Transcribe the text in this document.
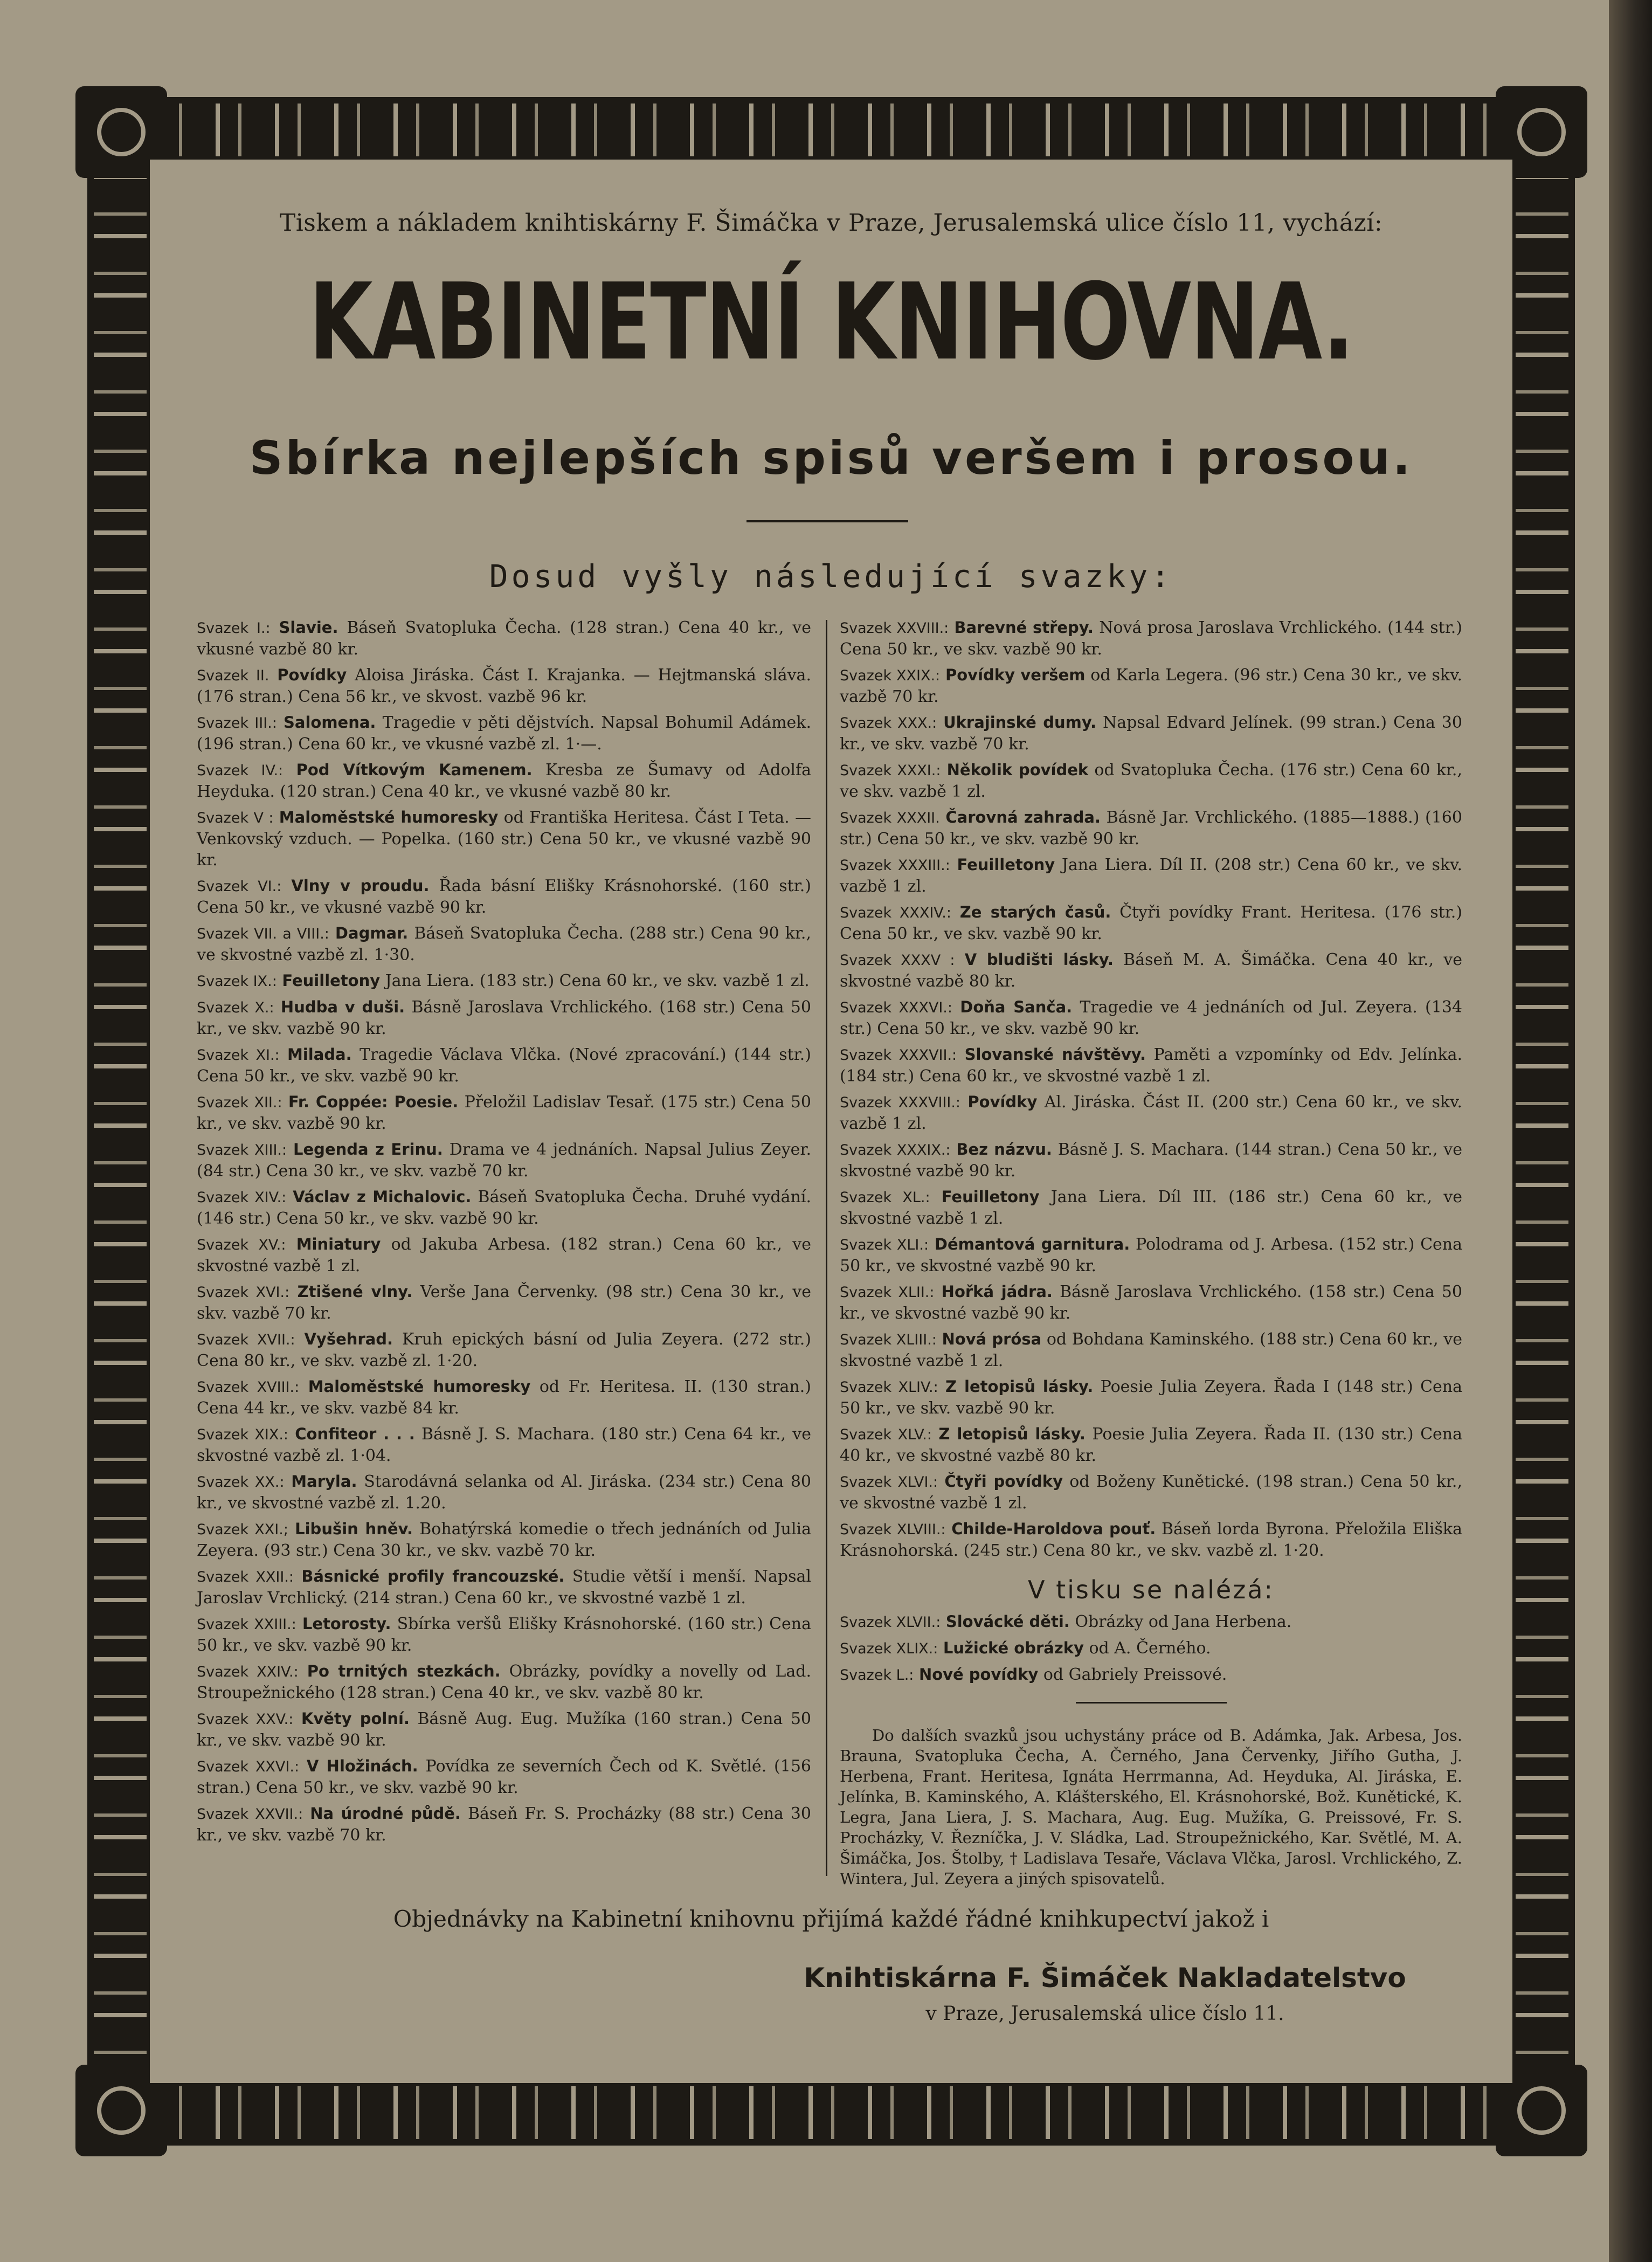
Tiskem a nákladem knihtiskárny F. Šimáčka v Praze, Jerusalemská ulice číslo 11, vychází:
KABINETNÍ KNIHOVNA.
Sbírka nejlepších spisů veršem i prosou.
Dosud vyšly následující svazky:
Svazek I.: Slavie. Báseň Svatopluka Čecha. (128 stran.) Cena 40 kr., ve vkusné vazbě 80 kr.
Svazek II. Povídky Aloisa Jiráska. Část I. Krajanka. — Hejtmanská sláva. (176 stran.) Cena 56 kr., ve skvost. vazbě 96 kr.
Svazek III.: Salomena. Tragedie v pěti dějstvích. Napsal Bohumil Adámek. (196 stran.) Cena 60 kr., ve vkusné vazbě zl. 1·—.
Svazek IV.: Pod Vítkovým Kamenem. Kresba ze Šumavy od Adolfa Heyduka. (120 stran.) Cena 40 kr., ve vkusné vazbě 80 kr.
Svazek V : Maloměstské humoresky od Františka Heritesa. Část I Teta. — Venkovský vzduch. — Popelka. (160 str.) Cena 50 kr., ve vkusné vazbě 90 kr.
Svazek VI.: Vlny v proudu. Řada básní Elišky Krásnohorské. (160 str.) Cena 50 kr., ve vkusné vazbě 90 kr.
Svazek VII. a VIII.: Dagmar. Báseň Svatopluka Čecha. (288 str.) Cena 90 kr., ve skvostné vazbě zl. 1·30.
Svazek IX.: Feuilletony Jana Liera. (183 str.) Cena 60 kr., ve skv. vazbě 1 zl.
Svazek X.: Hudba v duši. Básně Jaroslava Vrchlického. (168 str.) Cena 50 kr., ve skv. vazbě 90 kr.
Svazek XI.: Milada. Tragedie Václava Vlčka. (Nové zpracování.) (144 str.) Cena 50 kr., ve skv. vazbě 90 kr.
Svazek XII.: Fr. Coppée: Poesie. Přeložil Ladislav Tesař. (175 str.) Cena 50 kr., ve skv. vazbě 90 kr.
Svazek XIII.: Legenda z Erinu. Drama ve 4 jednáních. Napsal Julius Zeyer. (84 str.) Cena 30 kr., ve skv. vazbě 70 kr.
Svazek XIV.: Václav z Michalovic. Báseň Svatopluka Čecha. Druhé vydání. (146 str.) Cena 50 kr., ve skv. vazbě 90 kr.
Svazek XV.: Miniatury od Jakuba Arbesa. (182 stran.) Cena 60 kr., ve skvostné vazbě 1 zl.
Svazek XVI.: Ztišené vlny. Verše Jana Červenky. (98 str.) Cena 30 kr., ve skv. vazbě 70 kr.
Svazek XVII.: Vyšehrad. Kruh epických básní od Julia Zeyera. (272 str.) Cena 80 kr., ve skv. vazbě zl. 1·20.
Svazek XVIII.: Maloměstské humoresky od Fr. Heritesa. II. (130 stran.) Cena 44 kr., ve skv. vazbě 84 kr.
Svazek XIX.: Confiteor . . . Básně J. S. Machara. (180 str.) Cena 64 kr., ve skvostné vazbě zl. 1·04.
Svazek XX.: Maryla. Starodávná selanka od Al. Jiráska. (234 str.) Cena 80 kr., ve skvostné vazbě zl. 1.20.
Svazek XXI.; Libušin hněv. Bohatýrská komedie o třech jednáních od Julia Zeyera. (93 str.) Cena 30 kr., ve skv. vazbě 70 kr.
Svazek XXII.: Básnické profily francouzské. Studie větší i menší. Napsal Jaroslav Vrchlický. (214 stran.) Cena 60 kr., ve skvostné vazbě 1 zl.
Svazek XXIII.: Letorosty. Sbírka veršů Elišky Krásnohorské. (160 str.) Cena 50 kr., ve skv. vazbě 90 kr.
Svazek XXIV.: Po trnitých stezkách. Obrázky, povídky a novelly od Lad. Stroupežnického (128 stran.) Cena 40 kr., ve skv. vazbě 80 kr.
Svazek XXV.: Květy polní. Básně Aug. Eug. Mužíka (160 stran.) Cena 50 kr., ve skv. vazbě 90 kr.
Svazek XXVI.: V Hložinách. Povídka ze severních Čech od K. Světlé. (156 stran.) Cena 50 kr., ve skv. vazbě 90 kr.
Svazek XXVII.: Na úrodné půdě. Báseň Fr. S. Procházky (88 str.) Cena 30 kr., ve skv. vazbě 70 kr.
Svazek XXVIII.: Barevné střepy. Nová prosa Jaroslava Vrchlického. (144 str.) Cena 50 kr., ve skv. vazbě 90 kr.
Svazek XXIX.: Povídky veršem od Karla Legera. (96 str.) Cena 30 kr., ve skv. vazbě 70 kr.
Svazek XXX.: Ukrajinské dumy. Napsal Edvard Jelínek. (99 stran.) Cena 30 kr., ve skv. vazbě 70 kr.
Svazek XXXI.: Několik povídek od Svatopluka Čecha. (176 str.) Cena 60 kr., ve skv. vazbě 1 zl.
Svazek XXXII. Čarovná zahrada. Básně Jar. Vrchlického. (1885—1888.) (160 str.) Cena 50 kr., ve skv. vazbě 90 kr.
Svazek XXXIII.: Feuilletony Jana Liera. Díl II. (208 str.) Cena 60 kr., ve skv. vazbě 1 zl.
Svazek XXXIV.: Ze starých časů. Čtyři povídky Frant. Heritesa. (176 str.) Cena 50 kr., ve skv. vazbě 90 kr.
Svazek XXXV : V bludišti lásky. Báseň M. A. Šimáčka. Cena 40 kr., ve skvostné vazbě 80 kr.
Svazek XXXVI.: Doňa Sanča. Tragedie ve 4 jednáních od Jul. Zeyera. (134 str.) Cena 50 kr., ve skv. vazbě 90 kr.
Svazek XXXVII.: Slovanské návštěvy. Paměti a vzpomínky od Edv. Jelínka. (184 str.) Cena 60 kr., ve skvostné vazbě 1 zl.
Svazek XXXVIII.: Povídky Al. Jiráska. Část II. (200 str.) Cena 60 kr., ve skv. vazbě 1 zl.
Svazek XXXIX.: Bez názvu. Básně J. S. Machara. (144 stran.) Cena 50 kr., ve skvostné vazbě 90 kr.
Svazek XL.: Feuilletony Jana Liera. Díl III. (186 str.) Cena 60 kr., ve skvostné vazbě 1 zl.
Svazek XLI.: Démantová garnitura. Polodrama od J. Arbesa. (152 str.) Cena 50 kr., ve skvostné vazbě 90 kr.
Svazek XLII.: Hořká jádra. Básně Jaroslava Vrchlického. (158 str.) Cena 50 kr., ve skvostné vazbě 90 kr.
Svazek XLIII.: Nová prósa od Bohdana Kaminského. (188 str.) Cena 60 kr., ve skvostné vazbě 1 zl.
Svazek XLIV.: Z letopisů lásky. Poesie Julia Zeyera. Řada I (148 str.) Cena 50 kr., ve skv. vazbě 90 kr.
Svazek XLV.: Z letopisů lásky. Poesie Julia Zeyera. Řada II. (130 str.) Cena 40 kr., ve skvostné vazbě 80 kr.
Svazek XLVI.: Čtyři povídky od Boženy Kunětické. (198 stran.) Cena 50 kr., ve skvostné vazbě 1 zl.
Svazek XLVIII.: Childe-Haroldova pouť. Báseň lorda Byrona. Přeložila Eliška Krásnohorská. (245 str.) Cena 80 kr., ve skv. vazbě zl. 1·20.
V tisku se nalézá:
Svazek XLVII.: Slovácké děti. Obrázky od Jana Herbena.
Svazek XLIX.: Lužické obrázky od A. Černého.
Svazek L.: Nové povídky od Gabriely Preissové.
Do dalších svazků jsou uchystány práce od B. Adámka, Jak. Arbesa, Jos. Brauna, Svatopluka Čecha, A. Černého, Jana Červenky, Jiřího Gutha, J. Herbena, Frant. Heritesa, Ignáta Herrmanna, Ad. Heyduka, Al. Jiráska, E. Jelínka, B. Kaminského, A. Klášterského, El. Krásnohorské, Bož. Kunětické, K. Legra, Jana Liera, J. S. Machara, Aug. Eug. Mužíka, G. Preissové, Fr. S. Procházky, V. Řezníčka, J. V. Sládka, Lad. Stroupežnického, Kar. Světlé, M. A. Šimáčka, Jos. Štolby, † Ladislava Tesaře, Václava Vlčka, Jarosl. Vrchlického, Z. Wintera, Jul. Zeyera a jiných spisovatelů.
Objednávky na Kabinetní knihovnu přijímá každé řádné knihkupectví jakož i
Knihtiskárna F. Šimáček Nakladatelstvo
v Praze, Jerusalemská ulice číslo 11.
